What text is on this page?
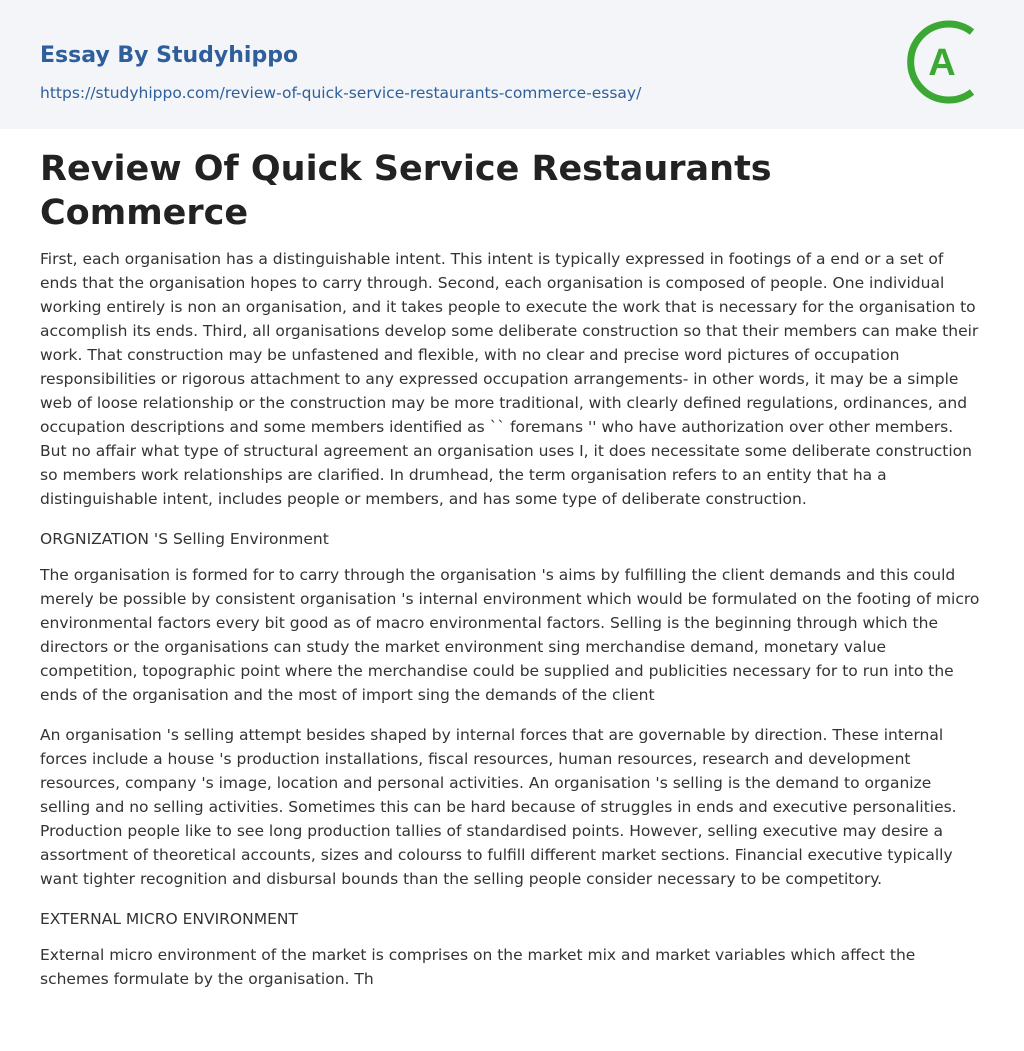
Essay By Studyhippo

https://studyhippo.com/review-of-quick-service-restaurants-commerce-essay/
A
Review Of Quick Service Restaurants Commerce

First, each organisation has a distinguishable intent. This intent is typically expressed in footings of a end or a set of ends that the organisation hopes to carry through. Second, each organisation is composed of people. One individual working entirely is non an organisation, and it takes people to execute the work that is necessary for the organisation to accomplish its ends. Third, all organisations develop some deliberate construction so that their members can make their work. That construction may be unfastened and flexible, with no clear and precise word pictures of occupation responsibilities or rigorous attachment to any expressed occupation arrangements- in other words, it may be a simple web of loose relationship or the construction may be more traditional, with clearly defined regulations, ordinances, and occupation descriptions and some members identified as `` foremans '' who have authorization over other members. But no affair what type of structural agreement an organisation uses I, it does necessitate some deliberate construction so members work relationships are clarified. In drumhead, the term organisation refers to an entity that ha a distinguishable intent, includes people or members, and has some type of deliberate construction.

ORGNIZATION 'S Selling Environment

The organisation is formed for to carry through the organisation 's aims by fulfilling the client demands and this could merely be possible by consistent organisation 's internal environment which would be formulated on the footing of micro environmental factors every bit good as of macro environmental factors. Selling is the beginning through which the directors or the organisations can study the market environment sing merchandise demand, monetary value competition, topographic point where the merchandise could be supplied and publicities necessary for to run into the ends of the organisation and the most of import sing the demands of the client

An organisation 's selling attempt besides shaped by internal forces that are governable by direction. These internal forces include a house 's production installations, fiscal resources, human resources, research and development resources, company 's image, location and personal activities. An organisation 's selling is the demand to organize selling and no selling activities. Sometimes this can be hard because of struggles in ends and executive personalities. Production people like to see long production tallies of standardised points. However, selling executive may desire a assortment of theoretical accounts, sizes and colourss to fulfill different market sections. Financial executive typically want tighter recognition and disbursal bounds than the selling people consider necessary to be competitory.

EXTERNAL MICRO ENVIRONMENT

External micro environment of the market is comprises on the market mix and market variables which affect the schemes formulate by the organisation. Th
